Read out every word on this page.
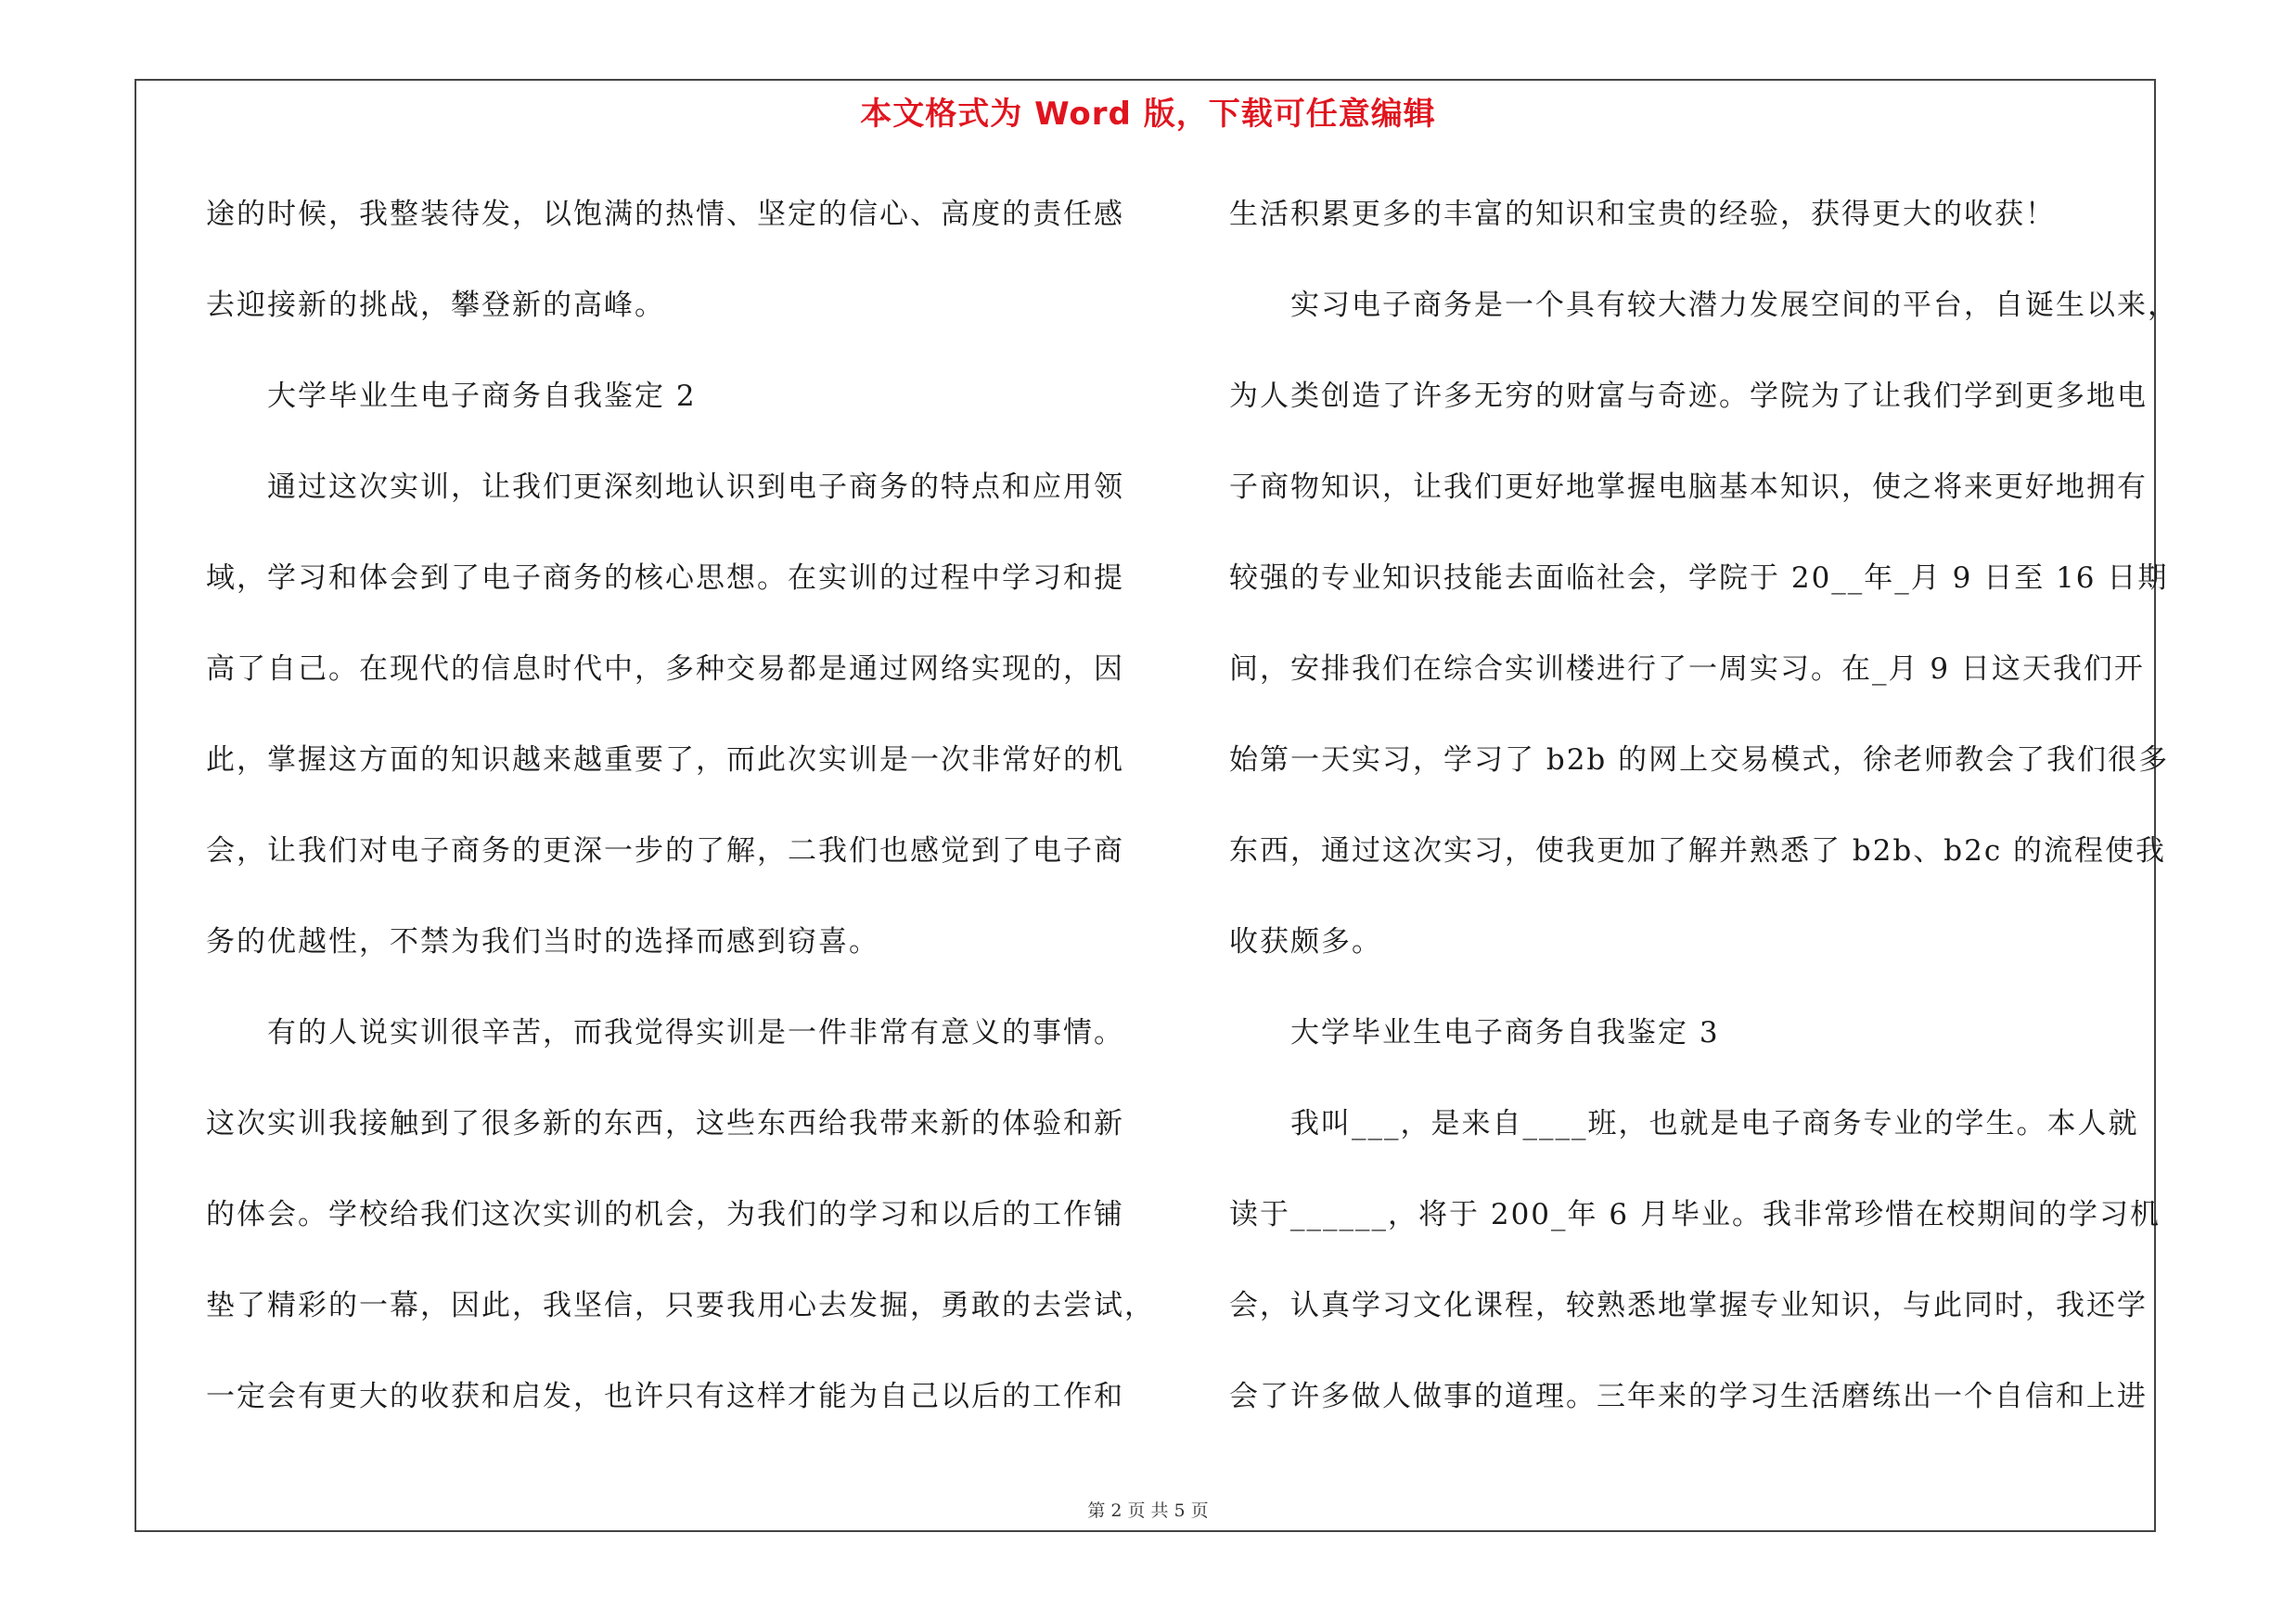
本文格式为 Word 版，下载可任意编辑
途的时候，我整装待发，以饱满的热情、坚定的信心、高度的责任感
去迎接新的挑战，攀登新的高峰。
大学毕业生电子商务自我鉴定 2
通过这次实训，让我们更深刻地认识到电子商务的特点和应用领
域，学习和体会到了电子商务的核心思想。在实训的过程中学习和提
高了自己。在现代的信息时代中，多种交易都是通过网络实现的，因
此，掌握这方面的知识越来越重要了，而此次实训是一次非常好的机
会，让我们对电子商务的更深一步的了解，二我们也感觉到了电子商
务的优越性，不禁为我们当时的选择而感到窃喜。
有的人说实训很辛苦，而我觉得实训是一件非常有意义的事情。
这次实训我接触到了很多新的东西，这些东西给我带来新的体验和新
的体会。学校给我们这次实训的机会，为我们的学习和以后的工作铺
垫了精彩的一幕，因此，我坚信，只要我用心去发掘，勇敢的去尝试，
一定会有更大的收获和启发，也许只有这样才能为自己以后的工作和
生活积累更多的丰富的知识和宝贵的经验，获得更大的收获！
实习电子商务是一个具有较大潜力发展空间的平台，自诞生以来，
为人类创造了许多无穷的财富与奇迹。学院为了让我们学到更多地电
子商物知识，让我们更好地掌握电脑基本知识，使之将来更好地拥有
较强的专业知识技能去面临社会，学院于 20__年_月 9 日至 16 日期
间，安排我们在综合实训楼进行了一周实习。在_月 9 日这天我们开
始第一天实习，学习了 b2b 的网上交易模式，徐老师教会了我们很多
东西，通过这次实习，使我更加了解并熟悉了 b2b、b2c 的流程使我
收获颇多。
大学毕业生电子商务自我鉴定 3
我叫___，是来自____班，也就是电子商务专业的学生。本人就
读于______，将于 200_年 6 月毕业。我非常珍惜在校期间的学习机
会，认真学习文化课程，较熟悉地掌握专业知识，与此同时，我还学
会了许多做人做事的道理。三年来的学习生活磨练出一个自信和上进
第 2 页 共 5 页
